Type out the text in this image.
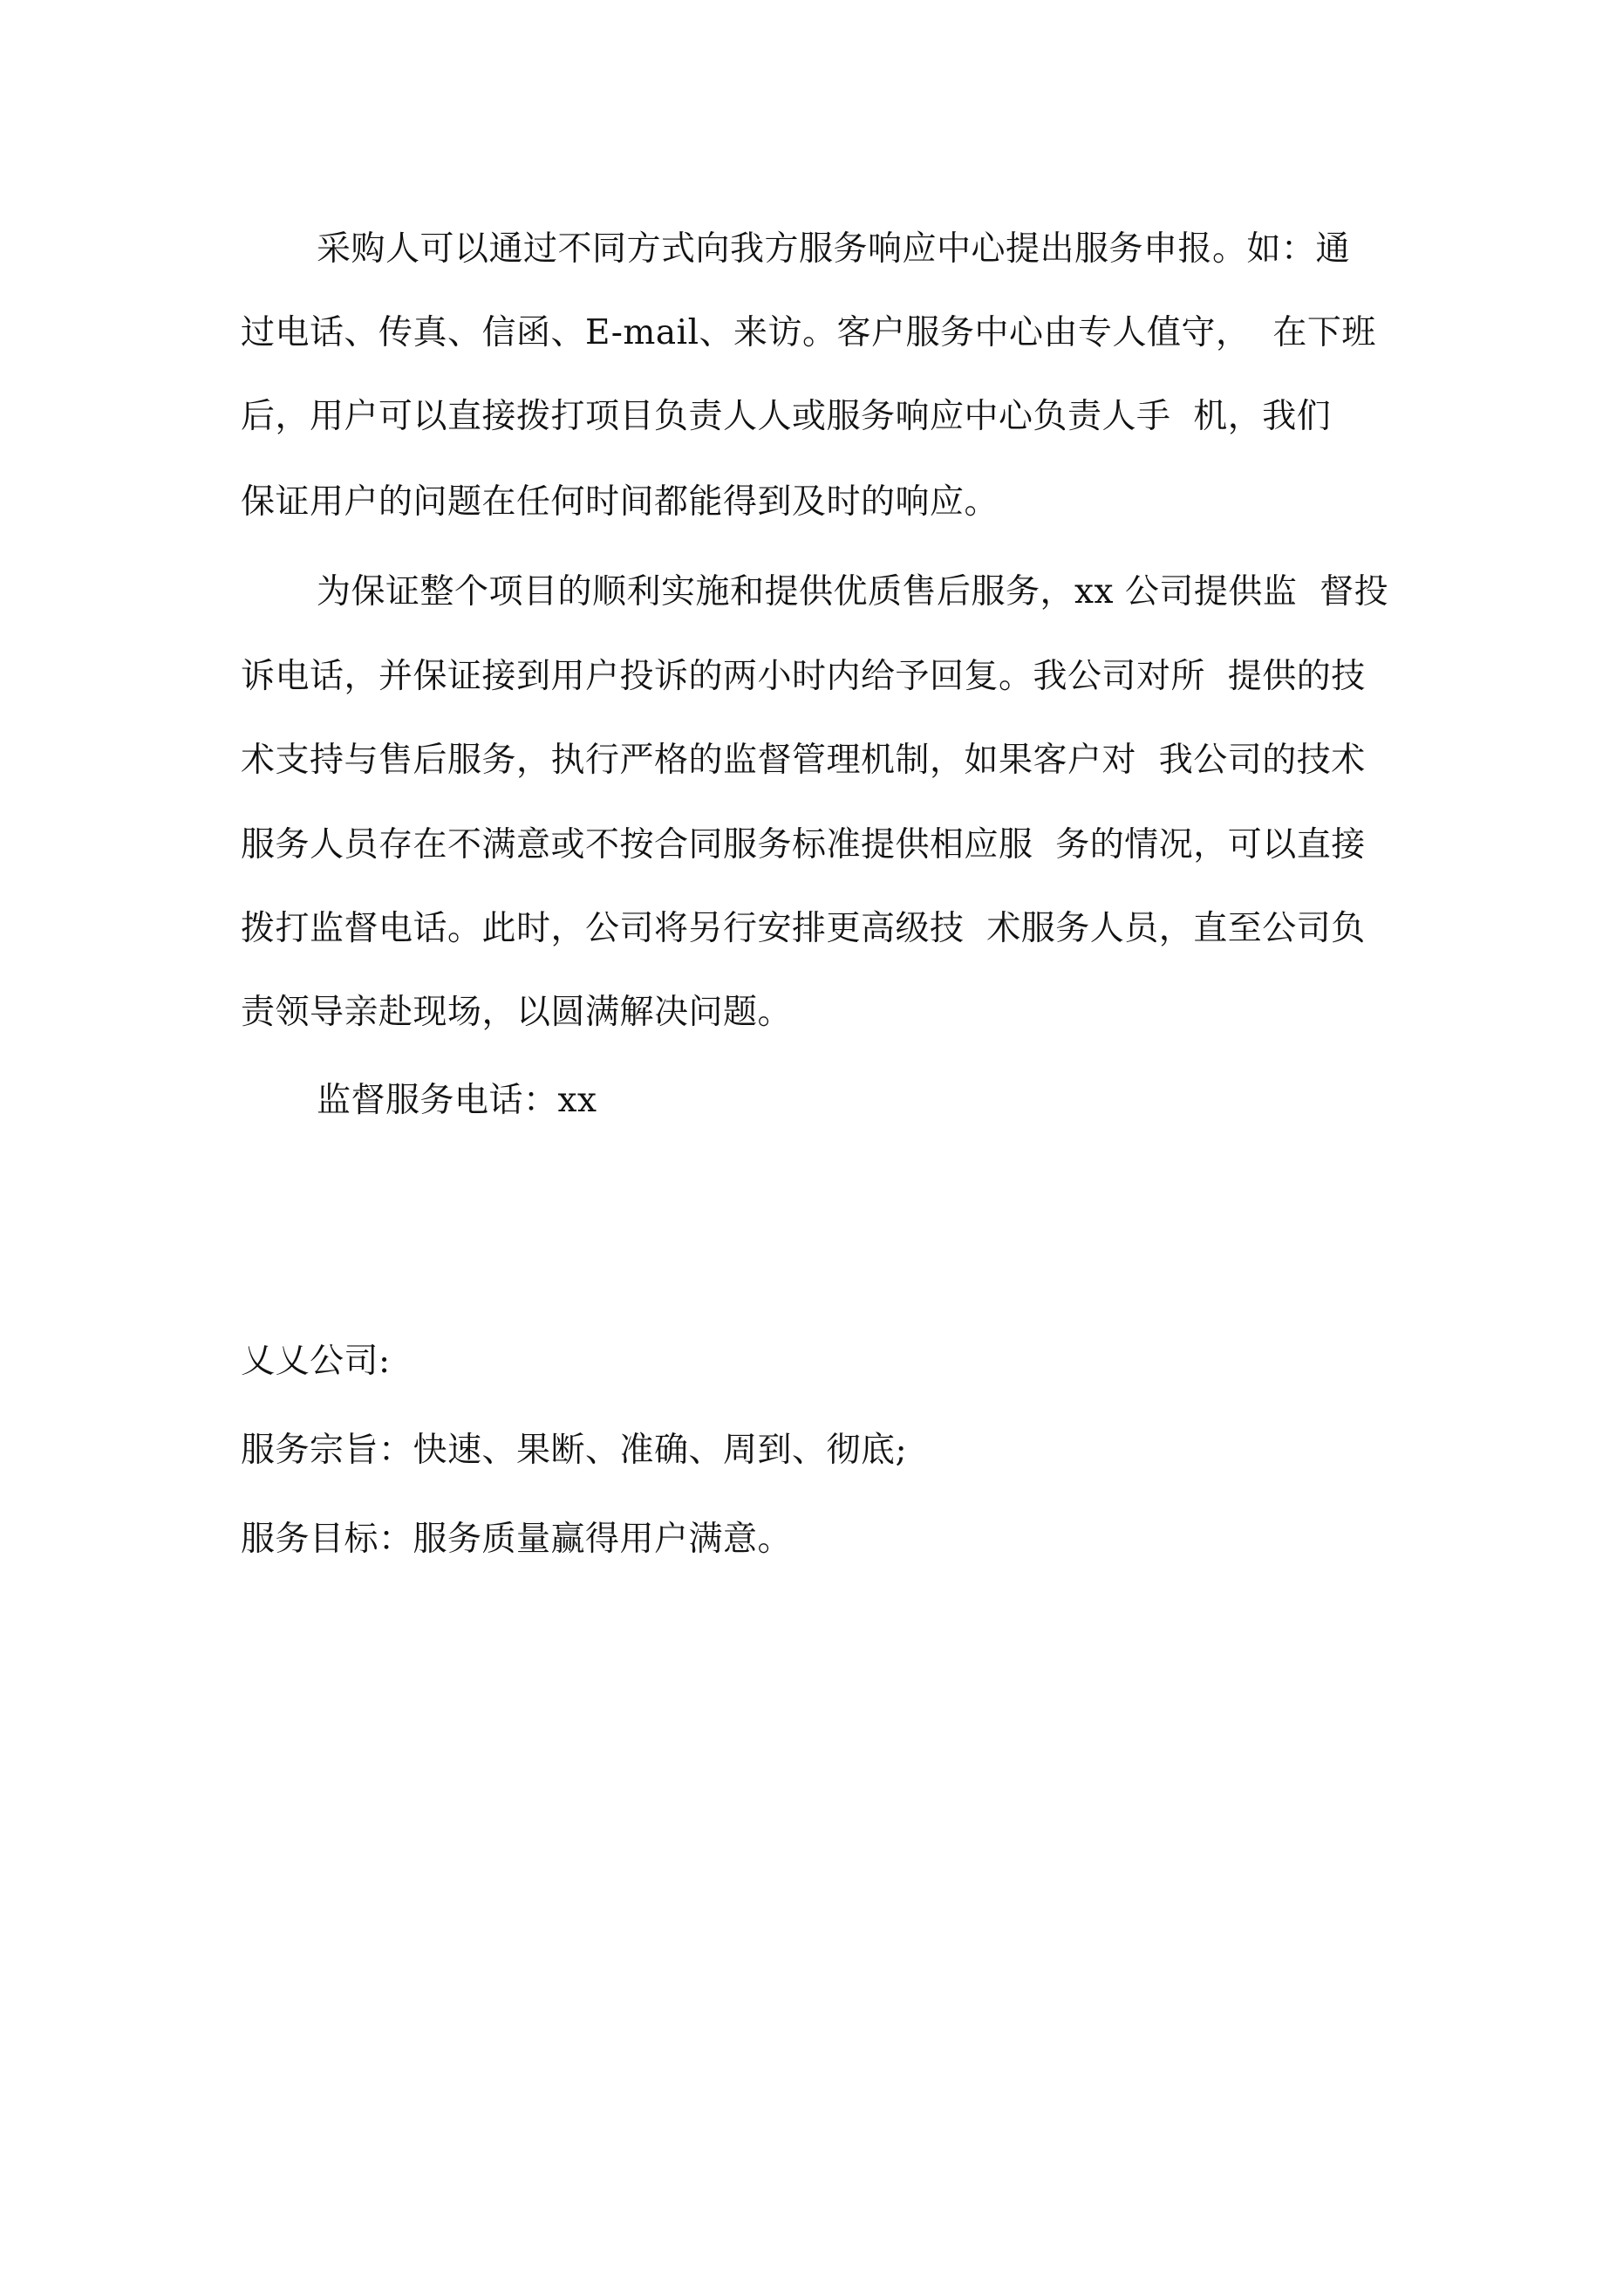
采购人可以通过不同方式向我方服务响应中心提出服务申报。如：通
过电话、传真、信函、E-mail、来访。客户服务中心由专人值守，  在下班
后，用户可以直接拨打项目负责人人或服务响应中心负责人手  机，我们
保证用户的问题在任何时间都能得到及时的响应。
为保证整个项目的顺利实施和提供优质售后服务，xx 公司提供监  督投
诉电话，并保证接到用户投诉的两小时内给予回复。我公司对所  提供的技
术支持与售后服务，执行严格的监督管理机制，如果客户对  我公司的技术
服务人员存在不满意或不按合同服务标准提供相应服  务的情况，可以直接
拨打监督电话。此时，公司将另行安排更高级技  术服务人员，直至公司负
责领导亲赴现场，以圆满解决问题。
监督服务电话：xx
乂乂公司:
服务宗旨：快速、果断、准确、周到、彻底;
服务目标：服务质量赢得用户满意。
